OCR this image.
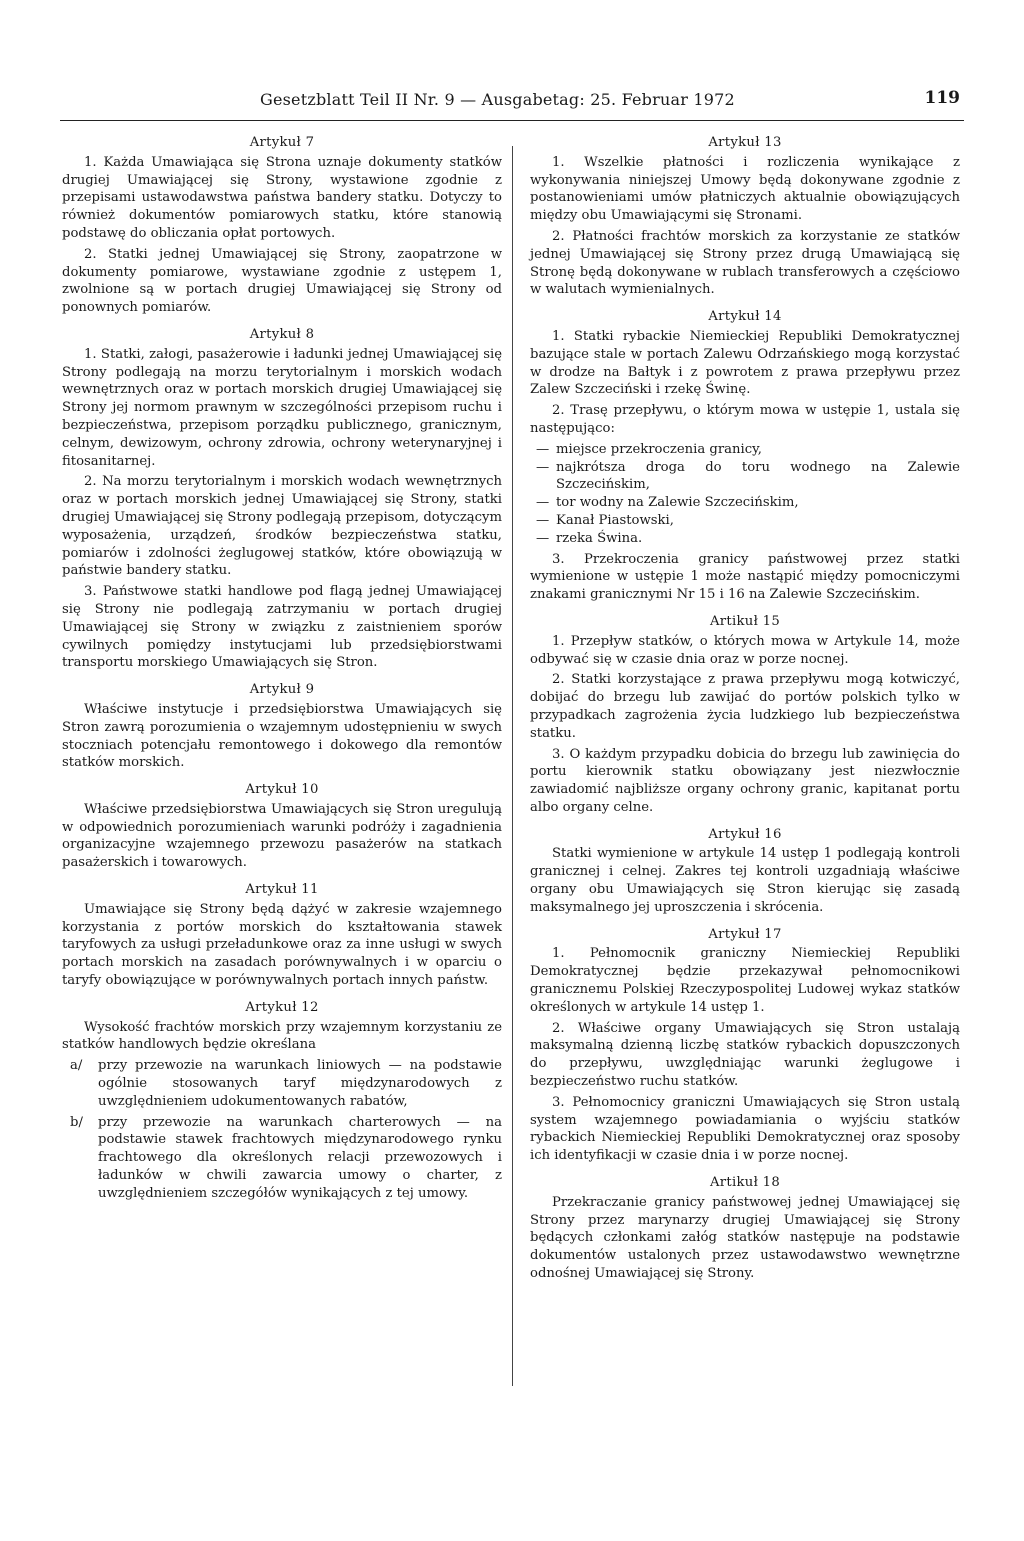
Gesetzblatt Teil II Nr. 9 — Ausgabetag: 25. Februar 1972	119
Artykuł 7

1. Każda Umawiająca się Strona uznaje dokumenty statków drugiej Umawiającej się Strony, wystawione zgodnie z przepisami ustawodawstwa państwa bandery statku. Dotyczy to również dokumentów pomiarowych statku, które stanowią podstawę do obliczania opłat portowych.

2. Statki jednej Umawiającej się Strony, zaopatrzone w dokumenty pomiarowe, wystawiane zgodnie z ustępem 1, zwolnione są w portach drugiej Umawiającej się Strony od ponownych pomiarów.

Artykuł 8

1. Statki, załogi, pasażerowie i ładunki jednej Umawiającej się Strony podlegają na morzu terytorialnym i morskich wodach wewnętrznych oraz w portach morskich drugiej Umawiającej się Strony jej normom prawnym w szczególności przepisom ruchu i bezpieczeństwa, przepisom porządku publicznego, granicznym, celnym, dewizowym, ochrony zdrowia, ochrony weterynaryjnej i fitosanitarnej.

2. Na morzu terytorialnym i morskich wodach wewnętrznych oraz w portach morskich jednej Umawiającej się Strony, statki drugiej Umawiającej się Strony podlegają przepisom, dotyczącym wyposażenia, urządzeń, środków bezpieczeństwa statku, pomiarów i zdolności żeglugowej statków, które obowiązują w państwie bandery statku.

3. Państwowe statki handlowe pod flagą jednej Umawiającej się Strony nie podlegają zatrzymaniu w portach drugiej Umawiającej się Strony w związku z zaistnieniem sporów cywilnych pomiędzy instytucjami lub przedsiębiorstwami transportu morskiego Umawiających się Stron.

Artykuł 9

Właściwe instytucje i przedsiębiorstwa Umawiających się Stron zawrą porozumienia o wzajemnym udostępnieniu w swych stoczniach potencjału remontowego i dokowego dla remontów statków morskich.

Artykuł 10

Właściwe przedsiębiorstwa Umawiających się Stron uregulują w odpowiednich porozumieniach warunki podróży i zagadnienia organizacyjne wzajemnego przewozu pasażerów na statkach pasażerskich i towarowych.

Artykuł 11

Umawiające się Strony będą dążyć w zakresie wzajemnego korzystania z portów morskich do kształtowania stawek taryfowych za usługi przeładunkowe oraz za inne usługi w swych portach morskich na zasadach porównywalnych i w oparciu o taryfy obowiązujące w porównywalnych portach innych państw.

Artykuł 12

Wysokość frachtów morskich przy wzajemnym korzystaniu ze statków handlowych będzie określana

a/	przy przewozie na warunkach liniowych — na podstawie ogólnie stosowanych taryf międzynarodowych z uwzględnieniem udokumentowanych rabatów,
b/	przy przewozie na warunkach charterowych — na podstawie stawek frachtowych międzynarodowego rynku frachtowego dla określonych relacji przewozowych i ładunków w chwili zawarcia umowy o charter, z uwzględnieniem szczegółów wynikających z tej umowy.
Artykuł 13

1. Wszelkie płatności i rozliczenia wynikające z wykonywania niniejszej Umowy będą dokonywane zgodnie z postanowieniami umów płatniczych aktualnie obowiązujących między obu Umawiającymi się Stronami.

2. Płatności frachtów morskich za korzystanie ze statków jednej Umawiającej się Strony przez drugą Umawiającą się Stronę będą dokonywane w rublach transferowych a częściowo w walutach wymienialnych.

Artykuł 14

1. Statki rybackie Niemieckiej Republiki Demokratycznej bazujące stale w portach Zalewu Odrzańskiego mogą korzystać w drodze na Bałtyk i z powrotem z prawa przepływu przez Zalew Szczeciński i rzekę Świnę.

2. Trasę przepływu, o którym mowa w ustępie 1, ustala się następująco:

— miejsce przekroczenia granicy,
— najkrótsza droga do toru wodnego na Zalewie Szczecińskim,
— tor wodny na Zalewie Szczecińskim,
— Kanał Piastowski,
— rzeka Świna.

3. Przekroczenia granicy państwowej przez statki wymienione w ustępie 1 może nastąpić między pomocniczymi znakami granicznymi Nr 15 i 16 na Zalewie Szczecińskim.

Artikuł 15

1. Przepływ statków, o których mowa w Artykule 14, może odbywać się w czasie dnia oraz w porze nocnej.

2. Statki korzystające z prawa przepływu mogą kotwiczyć, dobijać do brzegu lub zawijać do portów polskich tylko w przypadkach zagrożenia życia ludzkiego lub bezpieczeństwa statku.

3. O każdym przypadku dobicia do brzegu lub zawinięcia do portu kierownik statku obowiązany jest niezwłocznie zawiadomić najbliższe organy ochrony granic, kapitanat portu albo organy celne.

Artykuł 16

Statki wymienione w artykule 14 ustęp 1 podlegają kontroli granicznej i celnej. Zakres tej kontroli uzgadniają właściwe organy obu Umawiających się Stron kierując się zasadą maksymalnego jej uproszczenia i skrócenia.

Artykuł 17

1. Pełnomocnik graniczny Niemieckiej Republiki Demokratycznej będzie przekazywał pełnomocnikowi granicznemu Polskiej Rzeczypospolitej Ludowej wykaz statków określonych w artykule 14 ustęp 1.

2. Właściwe organy Umawiających się Stron ustalają maksymalną dzienną liczbę statków rybackich dopuszczonych do przepływu, uwzględniając warunki żeglugowe i bezpieczeństwo ruchu statków.

3. Pełnomocnicy graniczni Umawiających się Stron ustalą system wzajemnego powiadamiania o wyjściu statków rybackich Niemieckiej Republiki Demokratycznej oraz sposoby ich identyfikacji w czasie dnia i w porze nocnej.

Artikuł 18

Przekraczanie granicy państwowej jednej Umawiającej się Strony przez marynarzy drugiej Umawiającej się Strony będących członkami załóg statków następuje na podstawie dokumentów ustalonych przez ustawodawstwo wewnętrzne odnośnej Umawiającej się Strony.
